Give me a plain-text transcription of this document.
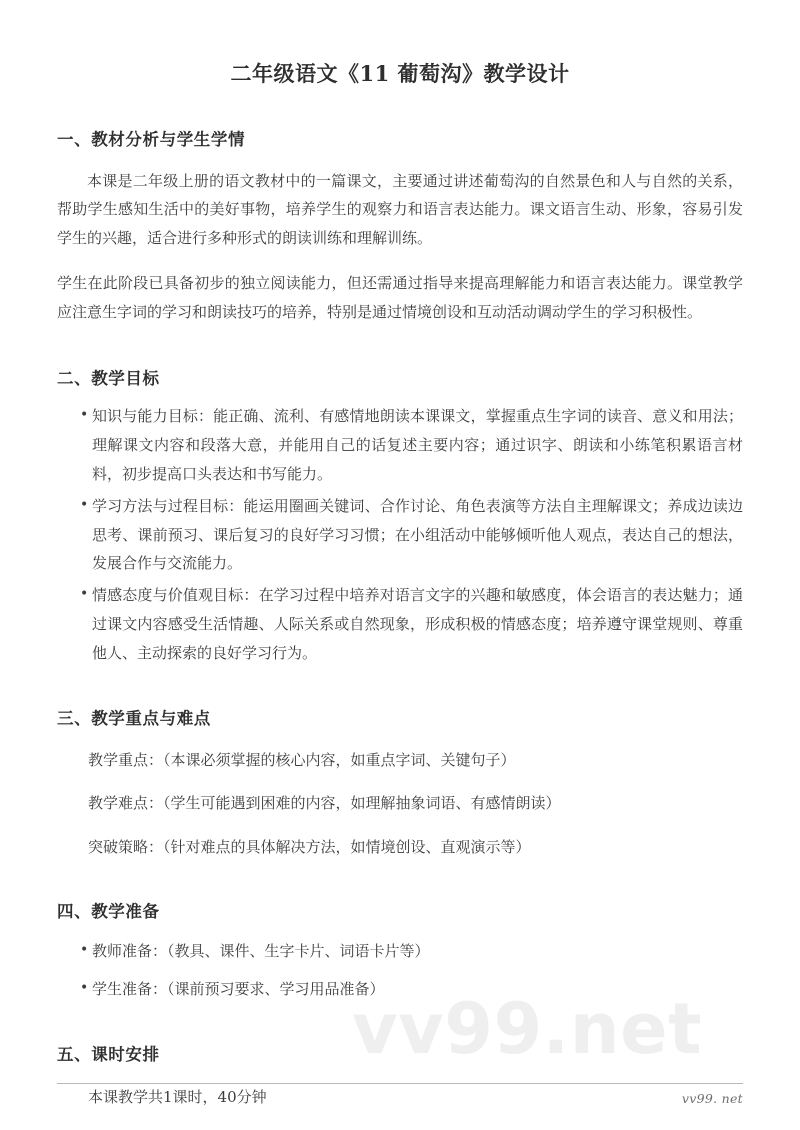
vv99.net
二年级语文《11 葡萄沟》教学设计
一、教材分析与学生学情

本课是二年级上册的语文教材中的一篇课文，主要通过讲述葡萄沟的自然景色和人与自然的关系，帮助学生感知生活中的美好事物，培养学生的观察力和语言表达能力。课文语言生动、形象，容易引发学生的兴趣，适合进行多种形式的朗读训练和理解训练。

学生在此阶段已具备初步的独立阅读能力，但还需通过指导来提高理解能力和语言表达能力。课堂教学应注意生字词的学习和朗读技巧的培养，特别是通过情境创设和互动活动调动学生的学习积极性。

二、教学目标
• 知识与能力目标：能正确、流利、有感情地朗读本课课文，掌握重点生字词的读音、意义和用法；理解课文内容和段落大意，并能用自己的话复述主要内容；通过识字、朗读和小练笔积累语言材料，初步提高口头表达和书写能力。
• 学习方法与过程目标：能运用圈画关键词、合作讨论、角色表演等方法自主理解课文；养成边读边思考、课前预习、课后复习的良好学习习惯；在小组活动中能够倾听他人观点，表达自己的想法，发展合作与交流能力。
• 情感态度与价值观目标：在学习过程中培养对语言文字的兴趣和敏感度，体会语言的表达魅力；通过课文内容感受生活情趣、人际关系或自然现象，形成积极的情感态度；培养遵守课堂规则、尊重他人、主动探索的良好学习行为。
三、教学重点与难点
教学重点：（本课必须掌握的核心内容，如重点字词、关键句子）
教学难点：（学生可能遇到困难的内容，如理解抽象词语、有感情朗读）
突破策略：（针对难点的具体解决方法，如情境创设、直观演示等）
四、教学准备
• 教师准备：（教具、课件、生字卡片、词语卡片等）
• 学生准备：（课前预习要求、学习用品准备）
五、课时安排
本课教学共1课时，40分钟	vv99. net
